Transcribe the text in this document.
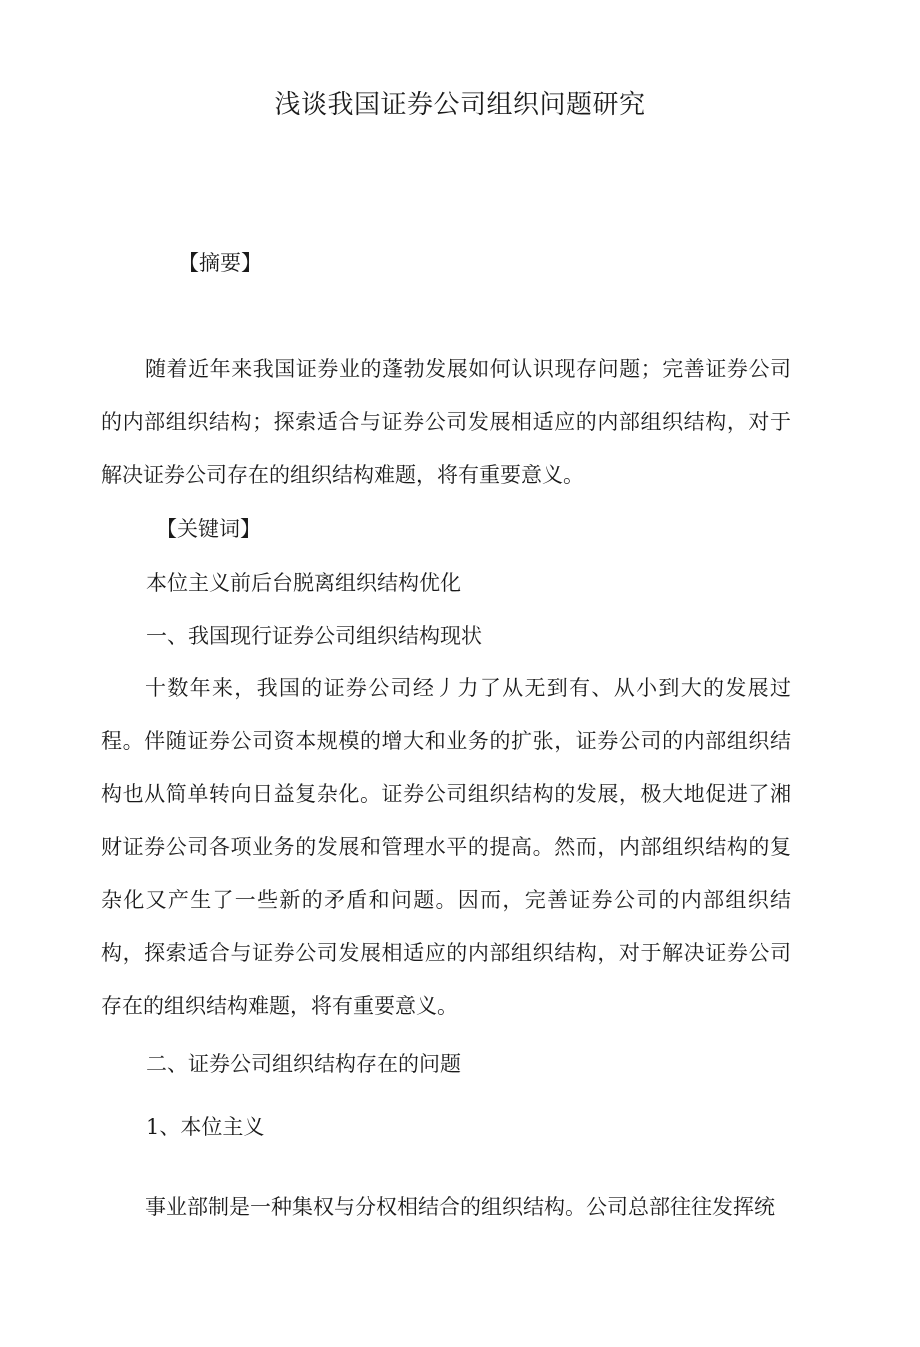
浅谈我国证券公司组织问题研究
【摘要】

随着近年来我国证券业的蓬勃发展如何认识现存问题；完善证券公司的内部组织结构；探索适合与证券公司发展相适应的内部组织结构，对于解决证券公司存在的组织结构难题，将有重要意义。

【关键词】
本位主义前后台脱离组织结构优化
一、我国现行证券公司组织结构现状

十数年来，我国的证券公司经丿力了从无到有、从小到大的发展过程。伴随证券公司资本规模的增大和业务的扩张，证券公司的内部组织结构也从简单转向日益复杂化。证券公司组织结构的发展，极大地促进了湘财证券公司各项业务的发展和管理水平的提高。然而，内部组织结构的复杂化又产生了一些新的矛盾和问题。因而，完善证券公司的内部组织结构，探索适合与证券公司发展相适应的内部组织结构，对于解决证券公司存在的组织结构难题，将有重要意义。

二、证券公司组织结构存在的问题
1、本位主义

事业部制是一种集权与分权相结合的组织结构。公司总部往往发挥统
